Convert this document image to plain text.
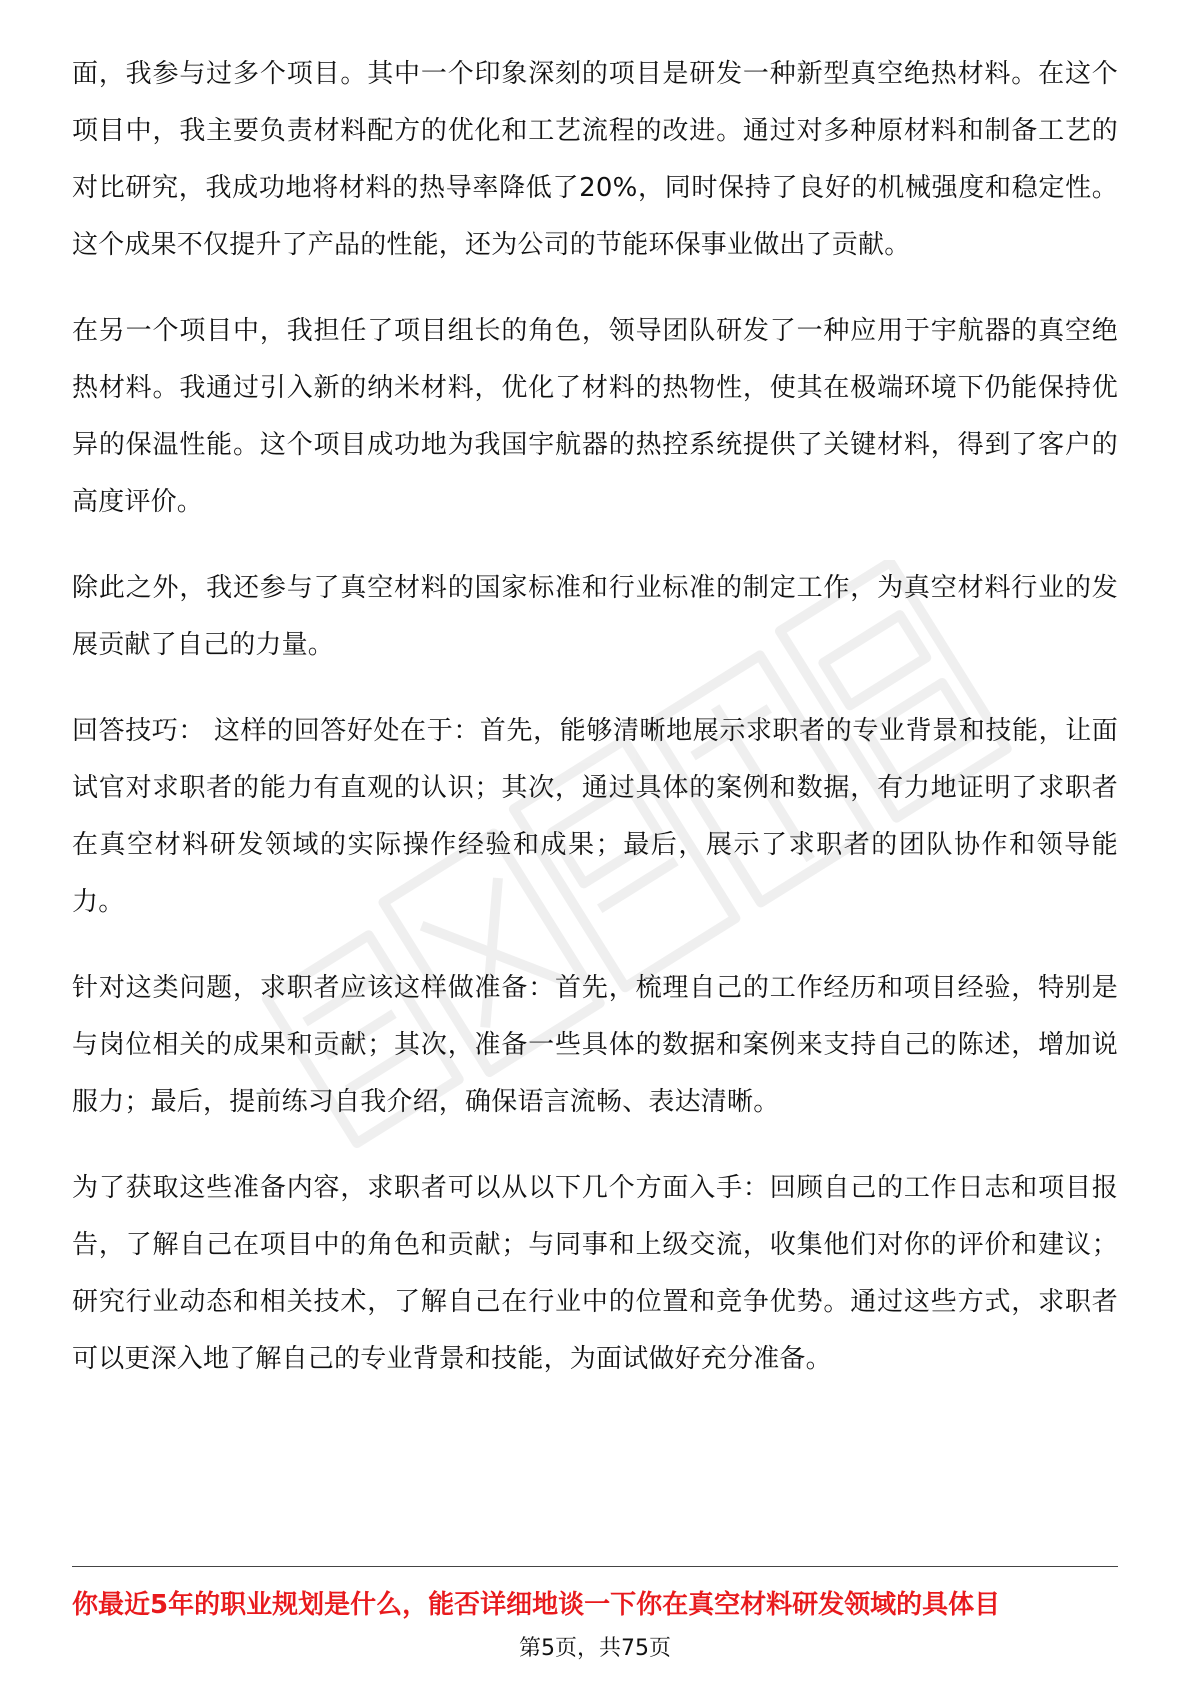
面，我参与过多个项目。其中一个印象深刻的项目是研发一种新型真空绝热材料。在这个项目中，我主要负责材料配方的优化和工艺流程的改进。通过对多种原材料和制备工艺的对比研究，我成功地将材料的热导率降低了20%，同时保持了良好的机械强度和稳定性。这个成果不仅提升了产品的性能，还为公司的节能环保事业做出了贡献。

在另一个项目中，我担任了项目组长的角色，领导团队研发了一种应用于宇航器的真空绝热材料。我通过引入新的纳米材料，优化了材料的热物性，使其在极端环境下仍能保持优异的保温性能。这个项目成功地为我国宇航器的热控系统提供了关键材料，得到了客户的高度评价。

除此之外，我还参与了真空材料的国家标准和行业标准的制定工作，为真空材料行业的发展贡献了自己的力量。

回答技巧： 这样的回答好处在于：首先，能够清晰地展示求职者的专业背景和技能，让面试官对求职者的能力有直观的认识；其次，通过具体的案例和数据，有力地证明了求职者在真空材料研发领域的实际操作经验和成果；最后，展示了求职者的团队协作和领导能力。

针对这类问题，求职者应该这样做准备：首先，梳理自己的工作经历和项目经验，特别是与岗位相关的成果和贡献；其次，准备一些具体的数据和案例来支持自己的陈述，增加说服力；最后，提前练习自我介绍，确保语言流畅、表达清晰。

为了获取这些准备内容，求职者可以从以下几个方面入手：回顾自己的工作日志和项目报告，了解自己在项目中的角色和贡献；与同事和上级交流，收集他们对你的评价和建议；研究行业动态和相关技术，了解自己在行业中的位置和竞争优势。通过这些方式，求职者可以更深入地了解自己的专业背景和技能，为面试做好充分准备。

你最近5年的职业规划是什么，能否详细地谈一下你在真空材料研发领域的具体目
第5页，共75页
